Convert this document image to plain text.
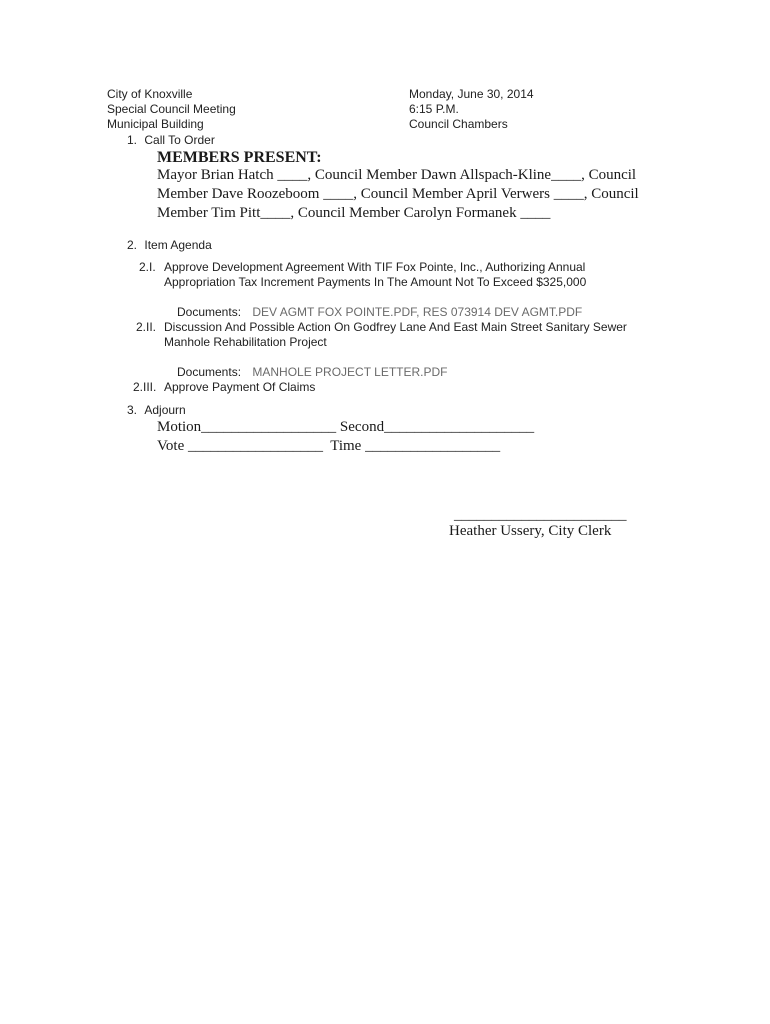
City of Knoxville
Special Council Meeting
Municipal Building
Monday, June 30, 2014
6:15 P.M.
Council Chambers
1. Call To Order
MEMBERS PRESENT:
Mayor Brian Hatch ____, Council Member Dawn Allspach-Kline____, Council
Member Dave Roozeboom ____, Council Member April Verwers ____, Council
Member Tim Pitt____, Council Member Carolyn Formanek ____
2. Item Agenda
2.I. Approve Development Agreement With TIF Fox Pointe, Inc., Authorizing Annual
Appropriation Tax Increment Payments In The Amount Not To Exceed $325,000
Documents: DEV AGMT FOX POINTE.PDF, RES 073914 DEV AGMT.PDF
2.II. Discussion And Possible Action On Godfrey Lane And East Main Street Sanitary Sewer
Manhole Rehabilitation Project
Documents: MANHOLE PROJECT LETTER.PDF
2.III. Approve Payment Of Claims
3. Adjourn
Motion__________________ Second____________________
Vote __________________  Time __________________
_______________________
Heather Ussery, City Clerk
